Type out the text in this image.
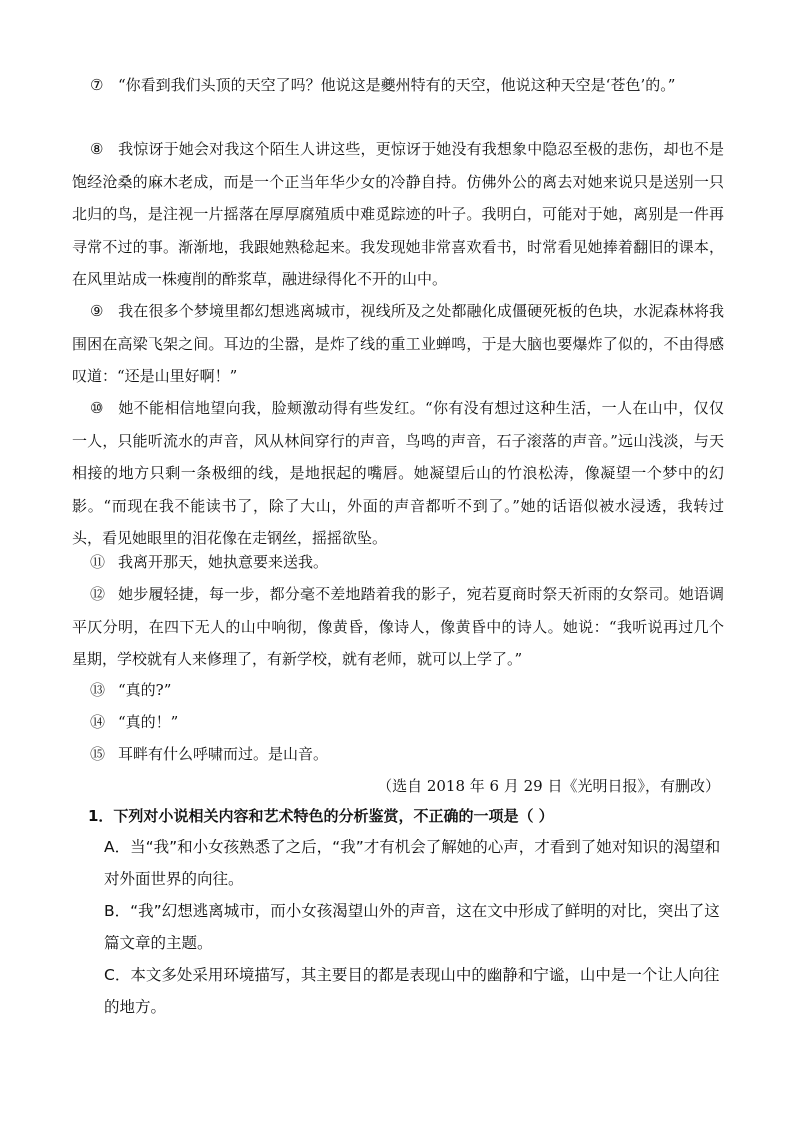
⑦ “你看到我们头顶的天空了吗？他说这是夔州特有的天空，他说这种天空是‘苍色’的。”

⑧ 我惊讶于她会对我这个陌生人讲这些，更惊讶于她没有我想象中隐忍至极的悲伤，却也不是饱经沧桑的麻木老成，而是一个正当年华少女的冷静自持。仿佛外公的离去对她来说只是送别一只北归的鸟，是注视一片摇落在厚厚腐殖质中难觅踪迹的叶子。我明白，可能对于她，离别是一件再寻常不过的事。渐渐地，我跟她熟稔起来。我发现她非常喜欢看书，时常看见她捧着翻旧的课本，在风里站成一株瘦削的酢浆草，融进绿得化不开的山中。

⑨ 我在很多个梦境里都幻想逃离城市，视线所及之处都融化成僵硬死板的色块，水泥森林将我围困在高梁飞架之间。耳边的尘嚣，是炸了线的重工业蝉鸣，于是大脑也要爆炸了似的，不由得感叹道：“还是山里好啊！”

⑩ 她不能相信地望向我，脸颊激动得有些发红。“你有没有想过这种生活，一人在山中，仅仅一人，只能听流水的声音，风从林间穿行的声音，鸟鸣的声音，石子滚落的声音。”远山浅淡，与天相接的地方只剩一条极细的线，是地抿起的嘴唇。她凝望后山的竹浪松涛，像凝望一个梦中的幻影。“而现在我不能读书了，除了大山，外面的声音都听不到了。”她的话语似被水浸透，我转过头，看见她眼里的泪花像在走钢丝，摇摇欲坠。

⑪ 我离开那天，她执意要来送我。

⑫ 她步履轻捷，每一步，都分毫不差地踏着我的影子，宛若夏商时祭天祈雨的女祭司。她语调平仄分明，在四下无人的山中响彻，像黄昏，像诗人，像黄昏中的诗人。她说：“我听说再过几个星期，学校就有人来修理了，有新学校，就有老师，就可以上学了。”

⑬ “真的?”

⑭ “真的！”

⑮ 耳畔有什么呼啸而过。是山音。

（选自 2018 年 6 月 29 日《光明日报》，有删改）
1．下列对小说相关内容和艺术特色的分析鉴赏，不正确的一项是（ ）
A．当“我”和小女孩熟悉了之后，“我”才有机会了解她的心声，才看到了她对知识的渴望和对外面世界的向往。
B．“我”幻想逃离城市，而小女孩渴望山外的声音，这在文中形成了鲜明的对比，突出了这篇文章的主题。
C．本文多处采用环境描写，其主要目的都是表现山中的幽静和宁谧，山中是一个让人向往的地方。
